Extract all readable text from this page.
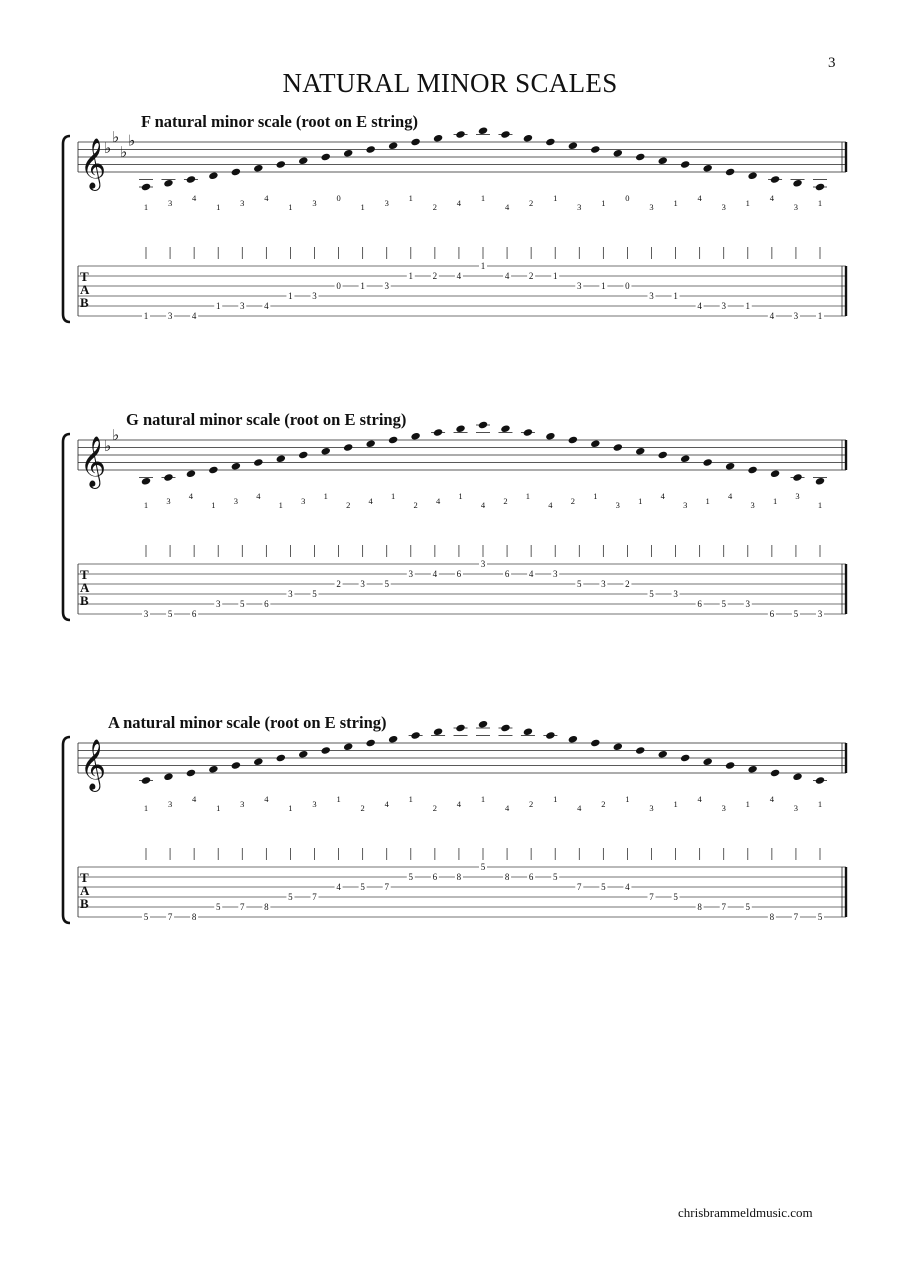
3
NATURAL MINOR SCALES
F natural minor scale (root on E string)
𝄞
♭
♭
♭
♭
T
A
B
1 3 4
1 3 4
1 3 0
1 3 1
2 4 1
4 2 1
3 1 0
3 1 4
3 1 4
3 1
1 3 4
1 3 4
1 3
0 1 3
1 2 4
1
4 2 1
3 1 0
3 1
4 3 1
4 3 1
G natural minor scale (root on E string)
𝄞
♭
♭
T
A
B
1 3 4
1 3 4
1 3 1
2 4 1
2 4 1
4 2 1
4 2 1
3 1 4
3 1 4
3 1 3
1
3 5 6
3 5 6
3 5
2 3 5
3 4 6
3
6 4 3
5 3 2
5 3
6 5 3
6 5 3
A natural minor scale (root on E string)
𝄞
T
A
B
1 3 4
1 3 4
1 3 1
2 4 1
2 4 1
4 2 1
4 2 1
3 1 4
3 1 4
3 1
5 7 8
5 7 8
5 7
4 5 7
5 6 8
5
8 6 5
7 5 4
7 5
8 7 5
8 7 5
chrisbrammeldmusic.com
